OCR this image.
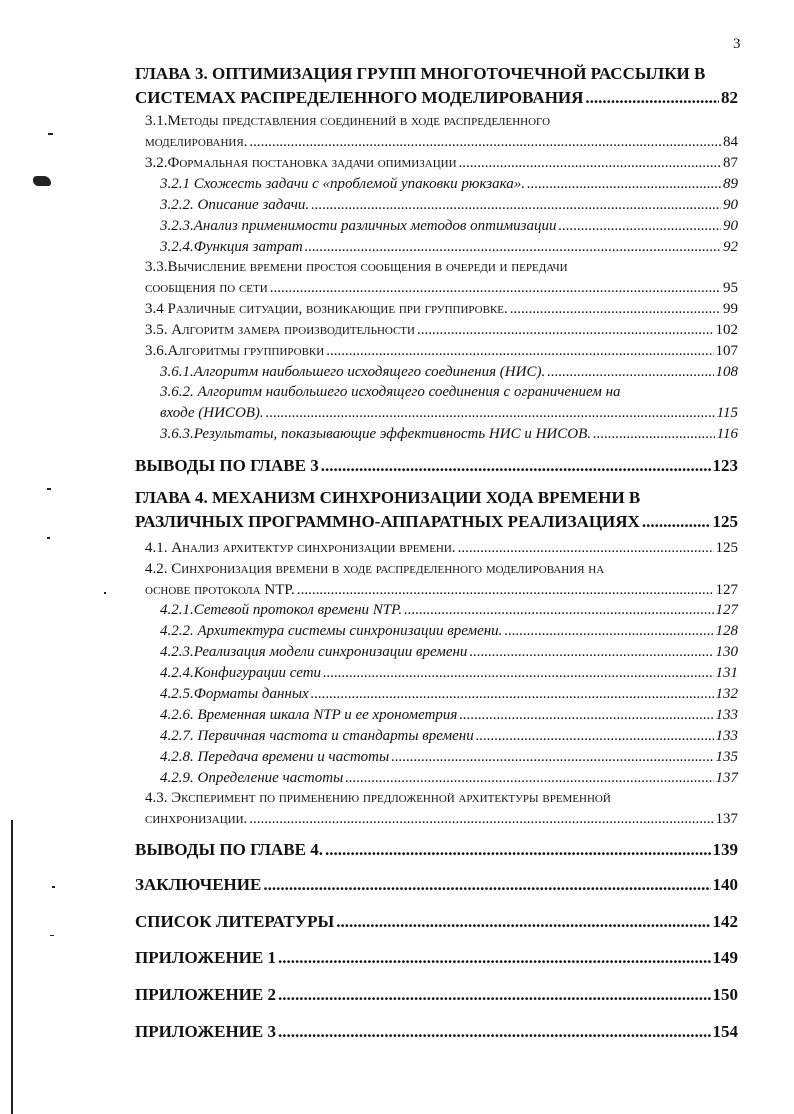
3
ГЛАВА 3. ОПТИМИЗАЦИЯ ГРУПП МНОГОТОЧЕЧНОЙ РАССЫЛКИ В
СИСТЕМАХ РАСПРЕДЕЛЕННОГО МОДЕЛИРОВАНИЯ .....	82
3.1.Методы представления соединений в ходе распределенного
моделирования. .....	84
3.2.Формальная постановка задачи опимизации .....	87
3.2.1 Схожесть задачи с «проблемой упаковки рюкзака». .....	89
3.2.2. Описание задачи. .....	90
3.2.3.Анализ применимости различных методов оптимизации .....	90
3.2.4.Функция затрат .....	92
3.3.Вычисление времени простоя сообщения в очереди и передачи
сообщения по сети .....	95
3.4 Различные ситуации, возникающие при группировке. .....	99
3.5. Алгоритм замера производительности .....	102
3.6.Алгоритмы группировки .....	107
3.6.1.Алгоритм наибольшего исходящего соединения (НИС). .....	108
3.6.2. Алгоритм наибольшего исходящего соединения с ограничением на
входе (НИСОВ). .....	115
3.6.3.Результаты, показывающие эффективность НИС и НИСОВ. .....	116
ВЫВОДЫ ПО ГЛАВЕ 3 .....	123
ГЛАВА 4. МЕХАНИЗМ СИНХРОНИЗАЦИИ ХОДА ВРЕМЕНИ В
РАЗЛИЧНЫХ ПРОГРАММНО-АППАРАТНЫХ РЕАЛИЗАЦИЯХ .....	125
4.1. Анализ архитектур синхронизации времени. .....	125
4.2. Синхронизация времени в ходе распределенного моделирования на
основе протокола NTP. .....	127
4.2.1.Сетевой протокол времени NTP. .....	127
4.2.2. Архитектура системы синхронизации времени. .....	128
4.2.3.Реализация модели синхронизации времени .....	130
4.2.4.Конфигурации сети .....	131
4.2.5.Форматы данных .....	132
4.2.6. Временная шкала NTP и ее хронометрия .....	133
4.2.7. Первичная частота и стандарты времени .....	133
4.2.8. Передача времени и частоты .....	135
4.2.9. Определение частоты .....	137
4.3. Эксперимент по применению предложенной архитектуры временной
синхронизации. .....	137
ВЫВОДЫ ПО ГЛАВЕ 4. .....	139
ЗАКЛЮЧЕНИЕ .....	140
СПИСОК ЛИТЕРАТУРЫ .....	142
ПРИЛОЖЕНИЕ 1 .....	149
ПРИЛОЖЕНИЕ 2 .....	150
ПРИЛОЖЕНИЕ 3 .....	154
